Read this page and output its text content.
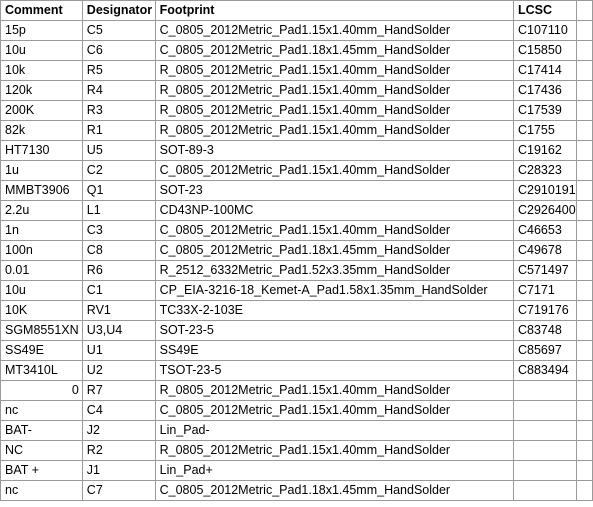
Comment	Designator	Footprint	LCSC	
15p	C5	C_0805_2012Metric_Pad1.15x1.40mm_HandSolder	C107110	
10u	C6	C_0805_2012Metric_Pad1.18x1.45mm_HandSolder	C15850	
10k	R5	R_0805_2012Metric_Pad1.15x1.40mm_HandSolder	C17414	
120k	R4	R_0805_2012Metric_Pad1.15x1.40mm_HandSolder	C17436	
200K	R3	R_0805_2012Metric_Pad1.15x1.40mm_HandSolder	C17539	
82k	R1	R_0805_2012Metric_Pad1.15x1.40mm_HandSolder	C1755	
HT7130	U5	SOT-89-3	C19162	
1u	C2	C_0805_2012Metric_Pad1.15x1.40mm_HandSolder	C28323	
MMBT3906	Q1	SOT-23	C2910191	
2.2u	L1	CD43NP-100MC	C2926400	
1n	C3	C_0805_2012Metric_Pad1.15x1.40mm_HandSolder	C46653	
100n	C8	C_0805_2012Metric_Pad1.18x1.45mm_HandSolder	C49678	
0.01	R6	R_2512_6332Metric_Pad1.52x3.35mm_HandSolder	C571497	
10u	C1	CP_EIA-3216-18_Kemet-A_Pad1.58x1.35mm_HandSolder	C7171	
10K	RV1	TC33X-2-103E	C719176	
SGM8551XN	U3,U4	SOT-23-5	C83748	
SS49E	U1	SS49E	C85697	
MT3410L	U2	TSOT-23-5	C883494	
0	R7	R_0805_2012Metric_Pad1.15x1.40mm_HandSolder		
nc	C4	C_0805_2012Metric_Pad1.15x1.40mm_HandSolder		
BAT-	J2	Lin_Pad-		
NC	R2	R_0805_2012Metric_Pad1.15x1.40mm_HandSolder		
BAT +	J1	Lin_Pad+		
nc	C7	C_0805_2012Metric_Pad1.18x1.45mm_HandSolder		
